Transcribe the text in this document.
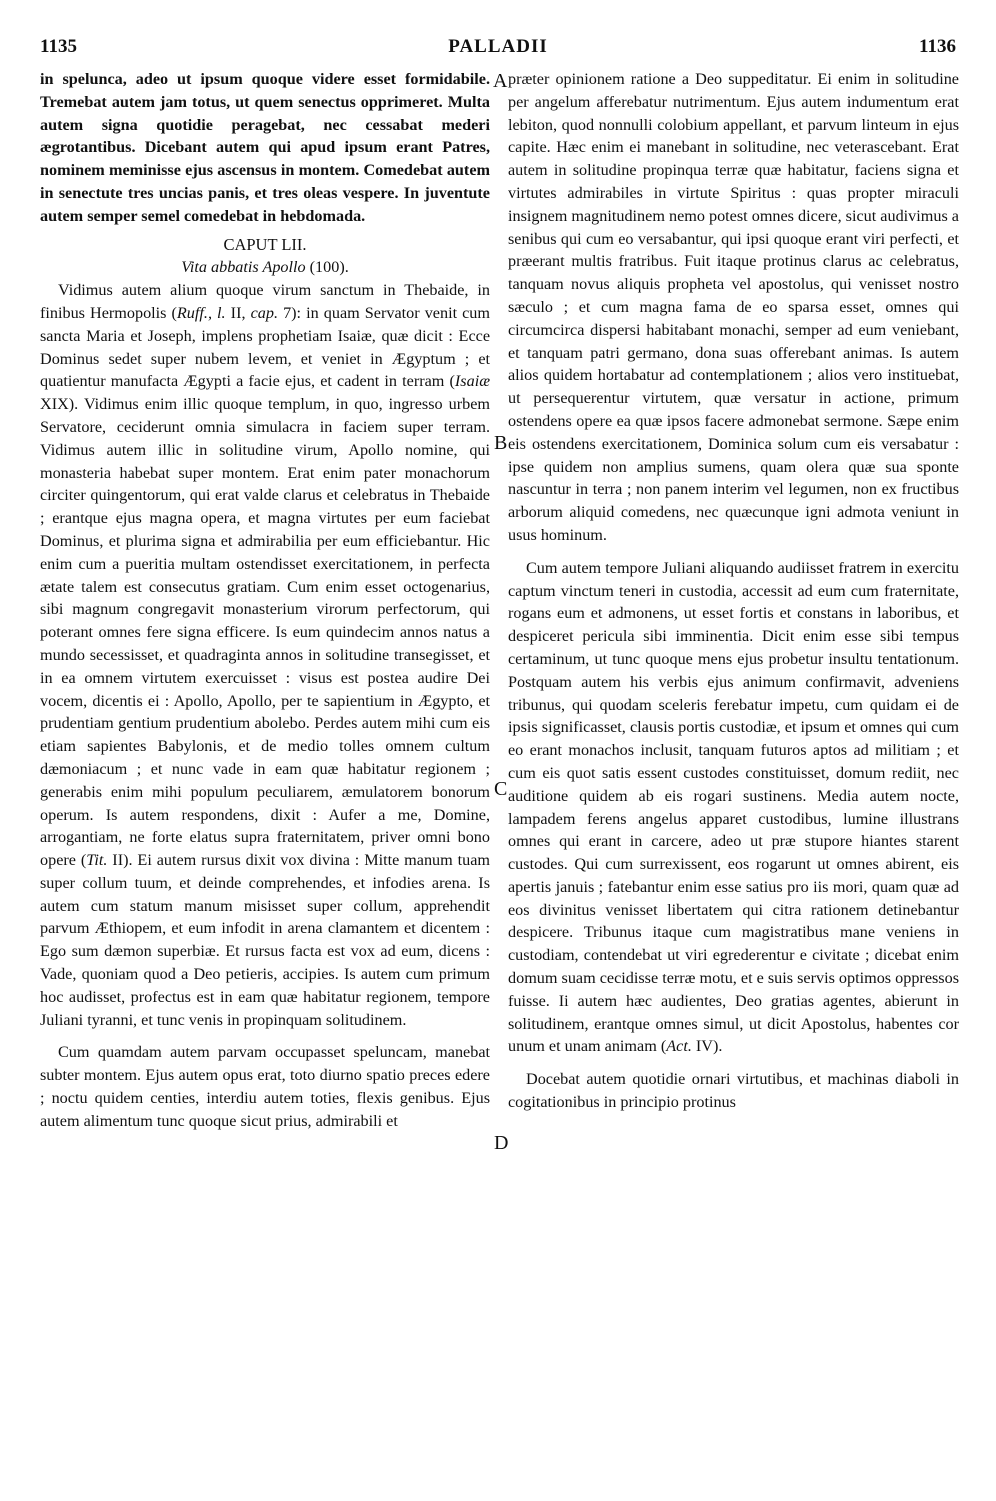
1135	PALLADII	1136

in spelunca, adeo ut ipsum quoque videre esset formidabile. Tremebat autem jam totus, ut quem senectus opprimeret. Multa autem signa quotidie peragebat, nec cessabat mederi ægrotantibus. Dicebant autem qui apud ipsum erant Patres, nominem meminisse ejus ascensus in montem. Comedebat autem in senectute tres uncias panis, et tres oleas vespere. In juventute autem semper semel comedebat in hebdomada.

CAPUT LII.

Vita abbatis Apollo (100).

Vidimus autem alium quoque virum sanctum in Thebaide, in finibus Hermopolis (Ruff., l. II, cap. 7): in quam Servator venit cum sancta Maria et Joseph, implens prophetiam Isaiæ, quæ dicit : Ecce Dominus sedet super nubem levem, et veniet in Ægyptum ; et quatientur manufacta Ægypti a facie ejus, et cadent in terram (Isaiæ XIX). Vidimus enim illic quoque templum, in quo, ingresso urbem Servatore, ceciderunt omnia simulacra in faciem super terram. Vidimus autem illic in solitudine virum, Apollo nomine, qui monasteria habebat super montem. Erat enim pater monachorum circiter quingentorum, qui erat valde clarus et celebratus in Thebaide ; erantque ejus magna opera, et magna virtutes per eum faciebat Dominus, et plurima signa et admirabilia per eum efficiebantur. Hic enim cum a pueritia multam ostendisset exercitationem, in perfecta ætate talem est consecutus gratiam. Cum enim esset octogenarius, sibi magnum congregavit monasterium virorum perfectorum, qui poterant omnes fere signa efficere. Is eum quindecim annos natus a mundo secessisset, et quadraginta annos in solitudine transegisset, et in ea omnem virtutem exercuisset : visus est postea audire Dei vocem, dicentis ei : Apollo, Apollo, per te sapientium in Ægypto, et prudentiam gentium prudentium abolebo. Perdes autem mihi cum eis etiam sapientes Babylonis, et de medio tolles omnem cultum dæmoniacum ; et nunc vade in eam quæ habitatur regionem ; generabis enim mihi populum peculiarem, æmulatorem bonorum operum. Is autem respondens, dixit : Aufer a me, Domine, arrogantiam, ne forte elatus supra fraternitatem, priver omni bono opere (Tit. II). Ei autem rursus dixit vox divina : Mitte manum tuam super collum tuum, et deinde comprehendes, et infodies arena. Is autem cum statum manum misisset super collum, apprehendit parvum Æthiopem, et eum infodit in arena clamantem et dicentem : Ego sum dæmon superbiæ. Et rursus facta est vox ad eum, dicens : Vade, quoniam quod a Deo petieris, accipies. Is autem cum primum hoc audisset, profectus est in eam quæ habitatur regionem, tempore Juliani tyranni, et tunc venis in propinquam solitudinem.

Cum quamdam autem parvam occupasset speluncam, manebat subter montem. Ejus autem opus erat, toto diurno spatio preces edere ; noctu quidem centies, interdiu autem toties, flexis genibus. Ejus autem alimentum tunc quoque sicut prius, admirabili et

præter opinionem ratione a Deo suppeditatur. Ei enim in solitudine per angelum afferebatur nutrimentum. Ejus autem indumentum erat lebiton, quod nonnulli colobium appellant, et parvum linteum in ejus capite. Hæc enim ei manebant in solitudine, nec veterascebant. Erat autem in solitudine propinqua terræ quæ habitatur, faciens signa et virtutes admirabiles in virtute Spiritus : quas propter miraculi insignem magnitudinem nemo potest omnes dicere, sicut audivimus a senibus qui cum eo versabantur, qui ipsi quoque erant viri perfecti, et præerant multis fratribus. Fuit itaque protinus clarus ac celebratus, tanquam novus aliquis propheta vel apostolus, qui venisset nostro sæculo ; et cum magna fama de eo sparsa esset, omnes qui circumcirca dispersi habitabant monachi, semper ad eum veniebant, et tanquam patri germano, dona suas offerebant animas. Is autem alios quidem hortabatur ad contemplationem ; alios vero instituebat, ut persequerentur virtutem, quæ versatur in actione, primum ostendens opere ea quæ ipsos facere admonebat sermone. Sæpe enim eis ostendens exercitationem, Dominica solum cum eis versabatur : ipse quidem non amplius sumens, quam olera quæ sua sponte nascuntur in terra ; non panem interim vel legumen, non ex fructibus arborum aliquid comedens, nec quæcunque igni admota veniunt in usus hominum.

Cum autem tempore Juliani aliquando audiisset fratrem in exercitu captum vinctum teneri in custodia, accessit ad eum cum fraternitate, rogans eum et admonens, ut esset fortis et constans in laboribus, et despiceret pericula sibi imminentia. Dicit enim esse sibi tempus certaminum, ut tunc quoque mens ejus probetur insultu tentationum. Postquam autem his verbis ejus animum confirmavit, adveniens tribunus, qui quodam sceleris ferebatur impetu, cum quidam ei de ipsis significasset, clausis portis custodiæ, et ipsum et omnes qui cum eo erant monachos inclusit, tanquam futuros aptos ad militiam ; et cum eis quot satis essent custodes constituisset, domum rediit, nec auditione quidem ab eis rogari sustinens. Media autem nocte, lampadem ferens angelus apparet custodibus, lumine illustrans omnes qui erant in carcere, adeo ut præ stupore hiantes starent custodes. Qui cum surrexissent, eos rogarunt ut omnes abirent, eis apertis januis ; fatebantur enim esse satius pro iis mori, quam quæ ad eos divinitus venisset libertatem qui citra rationem detinebantur despicere. Tribunus itaque cum magistratibus mane veniens in custodiam, contendebat ut viri egrederentur e civitate ; dicebat enim domum suam cecidisse terræ motu, et e suis servis optimos oppressos fuisse. Ii autem hæc audientes, Deo gratias agentes, abierunt in solitudinem, erantque omnes simul, ut dicit Apostolus, habentes cor unum et unam animam (Act. IV).

Docebat autem quotidie ornari virtutibus, et machinas diaboli in cogitationibus in principio protinus

A
B
C
D
